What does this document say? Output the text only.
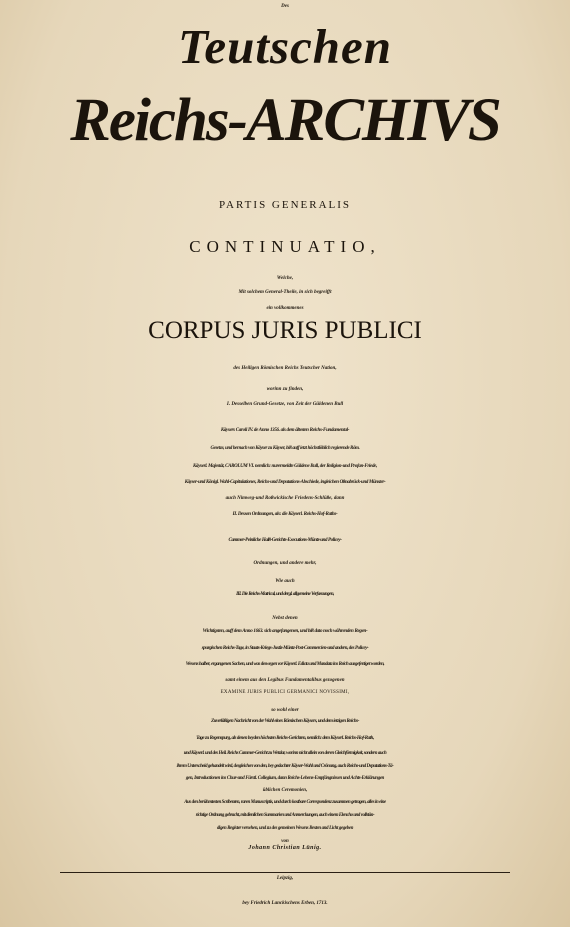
Des
Teutschen
Reichs-ARCHIVS
PARTIS GENERALIS
CONTINUATIO,
Welche,
Mit solchem General-Theile, in sich begreifft
ein vollkommenes
CORPUS JURIS PUBLICI
des Heiligen Römischen Reichs Teutscher Nation,
worinn zu finden,
I. Desselben Grund-Gesetze, von Zeit der Güldenen Bull
Käysers Caroli IV. de Anno 1356. als dem ältesten Reichs-Fundamental-
Gesetze, und hernach von Käyser zu Käyser, biß auff ietzt höchstlöblich regierende Röm.
Käyserl. Majestät, CAROLUM VI. nemlich: nurermeldte Güldene Bull, der Religion-und Profan-Friede,
Käyser-und Königl. Wahl-Capitulationes, Reichs-und Deputations-Abschiede, ingleichen Oßnabrück-und Münster-
auch Nimweg-und Roßwickische Friedens-Schlüße, dann
II. Dessen Ordnungen, als: die Käyserl. Reichs-Hof-Raths-
Cammer-Peinliche Halß-Gerichts-Executions-Müntz-und Policey-
Ordnungen, und andere mehr,
Wie auch
III. Die Reichs-Matricul, und dergl. allgemeine Verfassungen,
Nebst denen
Wichtigsten, auff dem Anno 1663. sich angefangenen, und biß dato noch währenden Regen-
spurgischen Reichs-Tage, in Staats-Kriegs-Justiz-Müntz-Post-Commercien-und andern, des Policey-
Wesens halber, ergangenen Sachen, und was deswegen vor Käyserl. Edicta und Mandata ins Reich ausgefertiget worden,
samt einem aus den Legibus Fundamentalibus gezogenen
EXAMINE JURIS PUBLICI GERMANICI NOVISSIMI,
so wohl einer
Zuverläßigen Nachricht von der Wahl eines Römischen Käysers, und dem ietzigen Reichs-
Tage zu Regenspurg, als denen beyden höchsten Reichs-Gerichten, nemlich: dem Käyserl. Reichs-Hof-Rath,
und Käyserl. und des Heil. Reichs Cammer-Gericht zu Wetzlar, worinn nicht allein von deren Gleichförmigkeit, sondern auch
ihrem Unterscheid gehandelt wird, desgleichen von den, bey gedachter Käyser-Wahl und Crönung, auch Reichs-und Deputations-Tä-
gen, Introductionen ins Chur-und Fürstl. Collegium, dann Reichs-Lehens-Empfängnissen und Achts-Erklärungen
üblichen Ceremonien,
Aus den berühmtesten Scribenten, raren Manuscriptis, und durch kostbare Correspondenz zusammen getragen, alles in eine
richtige Ordnung gebracht, mit dienlichen Summarien und Anmerckungen, auch einem Elencho und vollstän-
digen Register versehen, und zu des gemeinen Wesens Besten and Licht gegeben
von
Johann Christian Lünig.
Leipzig,
bey Friedrich Lanckischens Erben, 1713.
